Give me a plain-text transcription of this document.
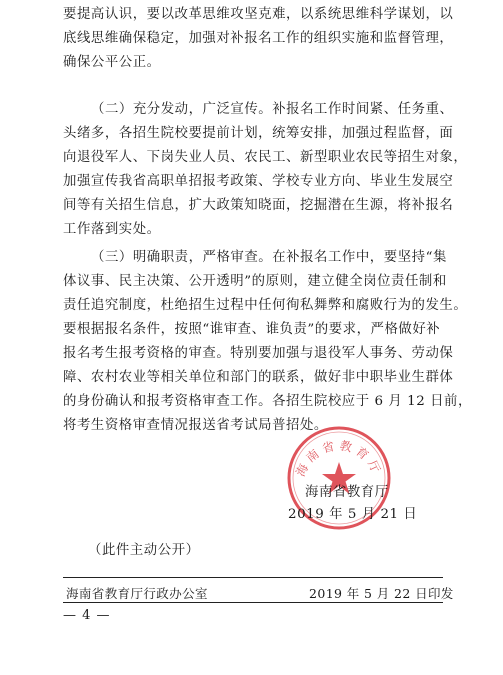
要提高认识，要以改革思维攻坚克难，以系统思维科学谋划，以
底线思维确保稳定，加强对补报名工作的组织实施和监督管理，
确保公平公正。
（二）充分发动，广泛宣传。补报名工作时间紧、任务重、
头绪多，各招生院校要提前计划，统筹安排，加强过程监督，面
向退役军人、下岗失业人员、农民工、新型职业农民等招生对象，
加强宣传我省高职单招报考政策、学校专业方向、毕业生发展空
间等有关招生信息，扩大政策知晓面，挖掘潜在生源，将补报名
工作落到实处。
（三）明确职责，严格审查。在补报名工作中，要坚持“集
体议事、民主决策、公开透明”的原则，建立健全岗位责任制和
责任追究制度，杜绝招生过程中任何徇私舞弊和腐败行为的发生。
要根据报名条件，按照“谁审查、谁负责”的要求，严格做好补
报名考生报考资格的审查。特别要加强与退役军人事务、劳动保
障、农村农业等相关单位和部门的联系，做好非中职毕业生群体
的身份确认和报考资格审查工作。各招生院校应于 6 月 12 日前，
将考生资格审查情况报送省考试局普招处。
海南省教育厅
海南省教育厅
2019 年 5 月 21 日
（此件主动公开）
海南省教育厅行政办公室	2019 年 5 月 22 日印发
— 4 —
